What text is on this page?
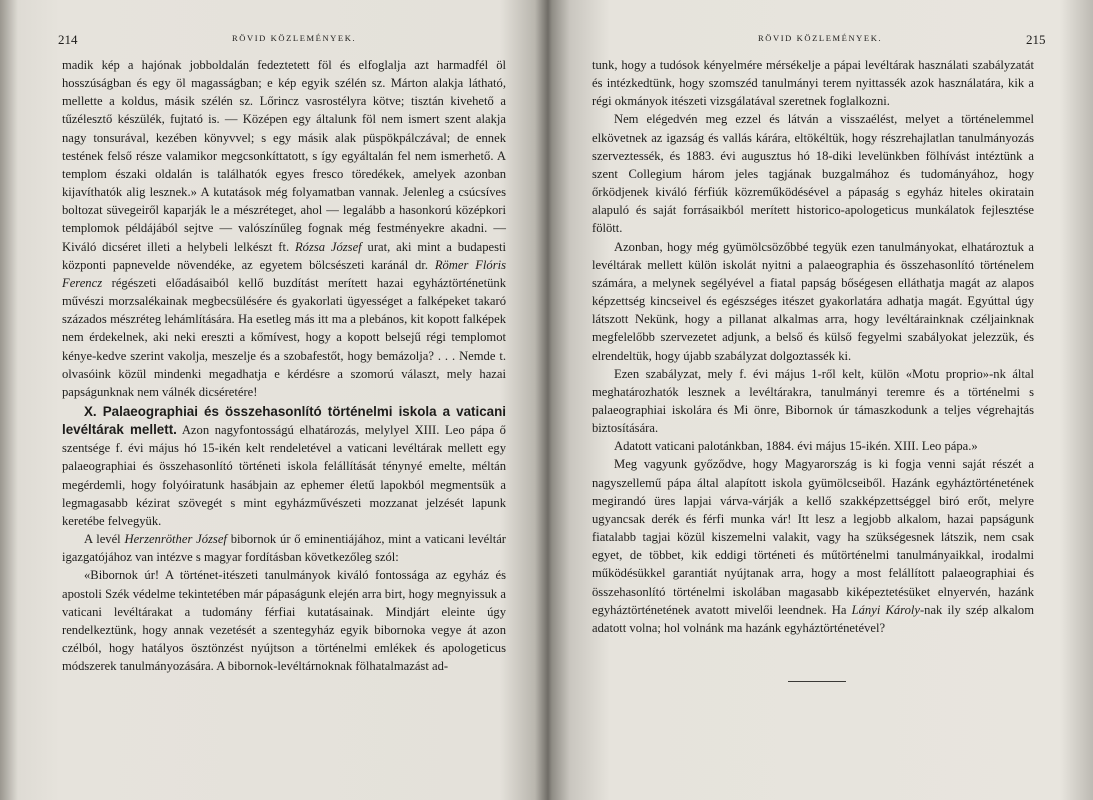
214	RÖVID KÖZLEMÉNYEK.

madik kép a hajónak jobboldalán fedeztetett föl és elfoglalja azt harmadfél öl hosszúságban és egy öl magasságban; e kép egyik szélén sz. Márton alakja látható, mellette a koldus, másik szélén sz. Lőrincz vasrostélyra kötve; tisztán kivehető a tűzélesztő készülék, fujtató is. — Középen egy általunk föl nem ismert szent alakja nagy tonsurával, kezében könyvvel; s egy másik alak püspökpálczával; de ennek testének felső része valamikor megcsonkíttatott, s így egyáltalán fel nem ismerhető. A templom északi oldalán is találhatók egyes fresco töredékek, amelyek azonban kijavíthatók alig lesznek.» A kutatások még folyamatban vannak. Jelenleg a csúcsíves boltozat süvegeiről kaparják le a mészréteget, ahol — legalább a hasonkorú középkori templomok példájából sejtve — valószínűleg fognak még festményekre akadni. — Kiváló dicséret illeti a helybeli lelkészt ft. Rózsa József urat, aki mint a budapesti központi papnevelde növendéke, az egyetem bölcsészeti karánál dr. Römer Flóris Ferencz régészeti előadásaiból kellő buzdítást merített hazai egyháztörténetünk művészi morzsalékainak megbecsülésére és gyakorlati ügyességet a falképeket takaró százados mészréteg lehámlítására. Ha esetleg más itt ma a plebános, kit kopott falképek nem érdekelnek, aki neki ereszti a kőmívest, hogy a kopott belsejű régi templomot kénye-kedve szerint vakolja, meszelje és a szobafestőt, hogy bemázolja? . . . Nemde t. olvasóink közül mindenki megadhatja e kérdésre a szomorú választ, mely hazai papságunknak nem válnék dicséretére!

X. Palaeographiai és összehasonlító történelmi iskola a vaticani levéltárak mellett. Azon nagyfontosságú elhatározás, melylyel XIII. Leo pápa ő szentsége f. évi május hó 15-ikén kelt rendeletével a vaticani levéltárak mellett egy palaeographiai és összehasonlító történeti iskola felállítását ténynyé emelte, méltán megérdemli, hogy folyóiratunk hasábjain az ephemer életű lapokból megmentsük a legmagasabb kézirat szövegét s mint egyházművészeti mozzanat jelzését lapunk keretébe felvegyük.

A levél Herzenröther József bibornok úr ő eminentiájához, mint a vaticani levéltár igazgatójához van intézve s magyar fordításban következőleg szól:

«Bibornok úr! A történet-itészeti tanulmányok kiváló fontossága az egyház és apostoli Szék védelme tekintetében már pápaságunk elején arra birt, hogy megnyissuk a vaticani levéltárakat a tudomány férfiai kutatásainak. Mindjárt eleinte úgy rendelkeztünk, hogy annak vezetését a szentegyház egyik bibornoka vegye át azon czélból, hogy hatályos ösztönzést nyújtson a történelmi emlékek és apologeticus módszerek tanulmányozására. A bibornok-levéltárnoknak fölhatalmazást ad-

RÖVID KÖZLEMÉNYEK.	215

tunk, hogy a tudósok kényelmére mérsékelje a pápai levéltárak használati szabályzatát és intézkedtünk, hogy szomszéd tanulmányi terem nyittassék azok használatára, kik a régi okmányok itészeti vizsgálatával szeretnek foglalkozni.

Nem elégedvén meg ezzel és látván a visszaélést, melyet a történelemmel elkövetnek az igazság és vallás kárára, eltökéltük, hogy részrehajlatlan tanulmányozás szerveztessék, és 1883. évi augusztus hó 18-diki levelünkben fölhívást intéztünk a szent Collegium három jeles tagjának buzgalmához és tudományához, hogy őrködjenek kiváló férfiúk közreműködésével a pápaság s egyház hiteles okiratain alapuló és saját forrásaikból merített historico-apologeticus munkálatok fejlesztése fölött.

Azonban, hogy még gyümölcsözőbbé tegyük ezen tanulmányokat, elhatároztuk a levéltárak mellett külön iskolát nyitni a palaeographia és összehasonlító történelem számára, a melynek segélyével a fiatal papság bőségesen elláthatja magát az alapos képzettség kincseivel és egészséges itészet gyakorlatára adhatja magát. Egyúttal úgy látszott Nekünk, hogy a pillanat alkalmas arra, hogy levéltárainknak czéljainknak megfelelőbb szervezetet adjunk, a belső és külső fegyelmi szabályokat jelezzük, és elrendeltük, hogy újabb szabályzat dolgoztassék ki.

Ezen szabályzat, mely f. évi május 1-ről kelt, külön «Motu proprio»-nk által meghatározhatók lesznek a levéltárakra, tanulmányi teremre és a történelmi s palaeographiai iskolára és Mi önre, Bibornok úr támaszkodunk a teljes végrehajtás biztosítására.

Adatott vaticani palotánkban, 1884. évi május 15-ikén. XIII. Leo pápa.»

Meg vagyunk győződve, hogy Magyarország is ki fogja venni saját részét a nagyszellemű pápa által alapított iskola gyümölcseiből. Hazánk egyháztörténetének megirandó üres lapjai várva-várják a kellő szakképzettséggel biró erőt, melyre ugyancsak derék és férfi munka vár! Itt lesz a legjobb alkalom, hazai papságunk fiatalabb tagjai közül kiszemelni valakit, vagy ha szükségesnek látszik, nem csak egyet, de többet, kik eddigi történeti és műtörténelmi tanulmányaikkal, irodalmi működésükkel garantiát nyújtanak arra, hogy a most felállított palaeographiai és összehasonlító történelmi iskolában magasabb kiképeztetésüket elnyervén, hazánk egyháztörténetének avatott mivelői leendnek. Ha Lányi Károly-nak ily szép alkalom adatott volna; hol volnánk ma hazánk egyháztörténetével?
